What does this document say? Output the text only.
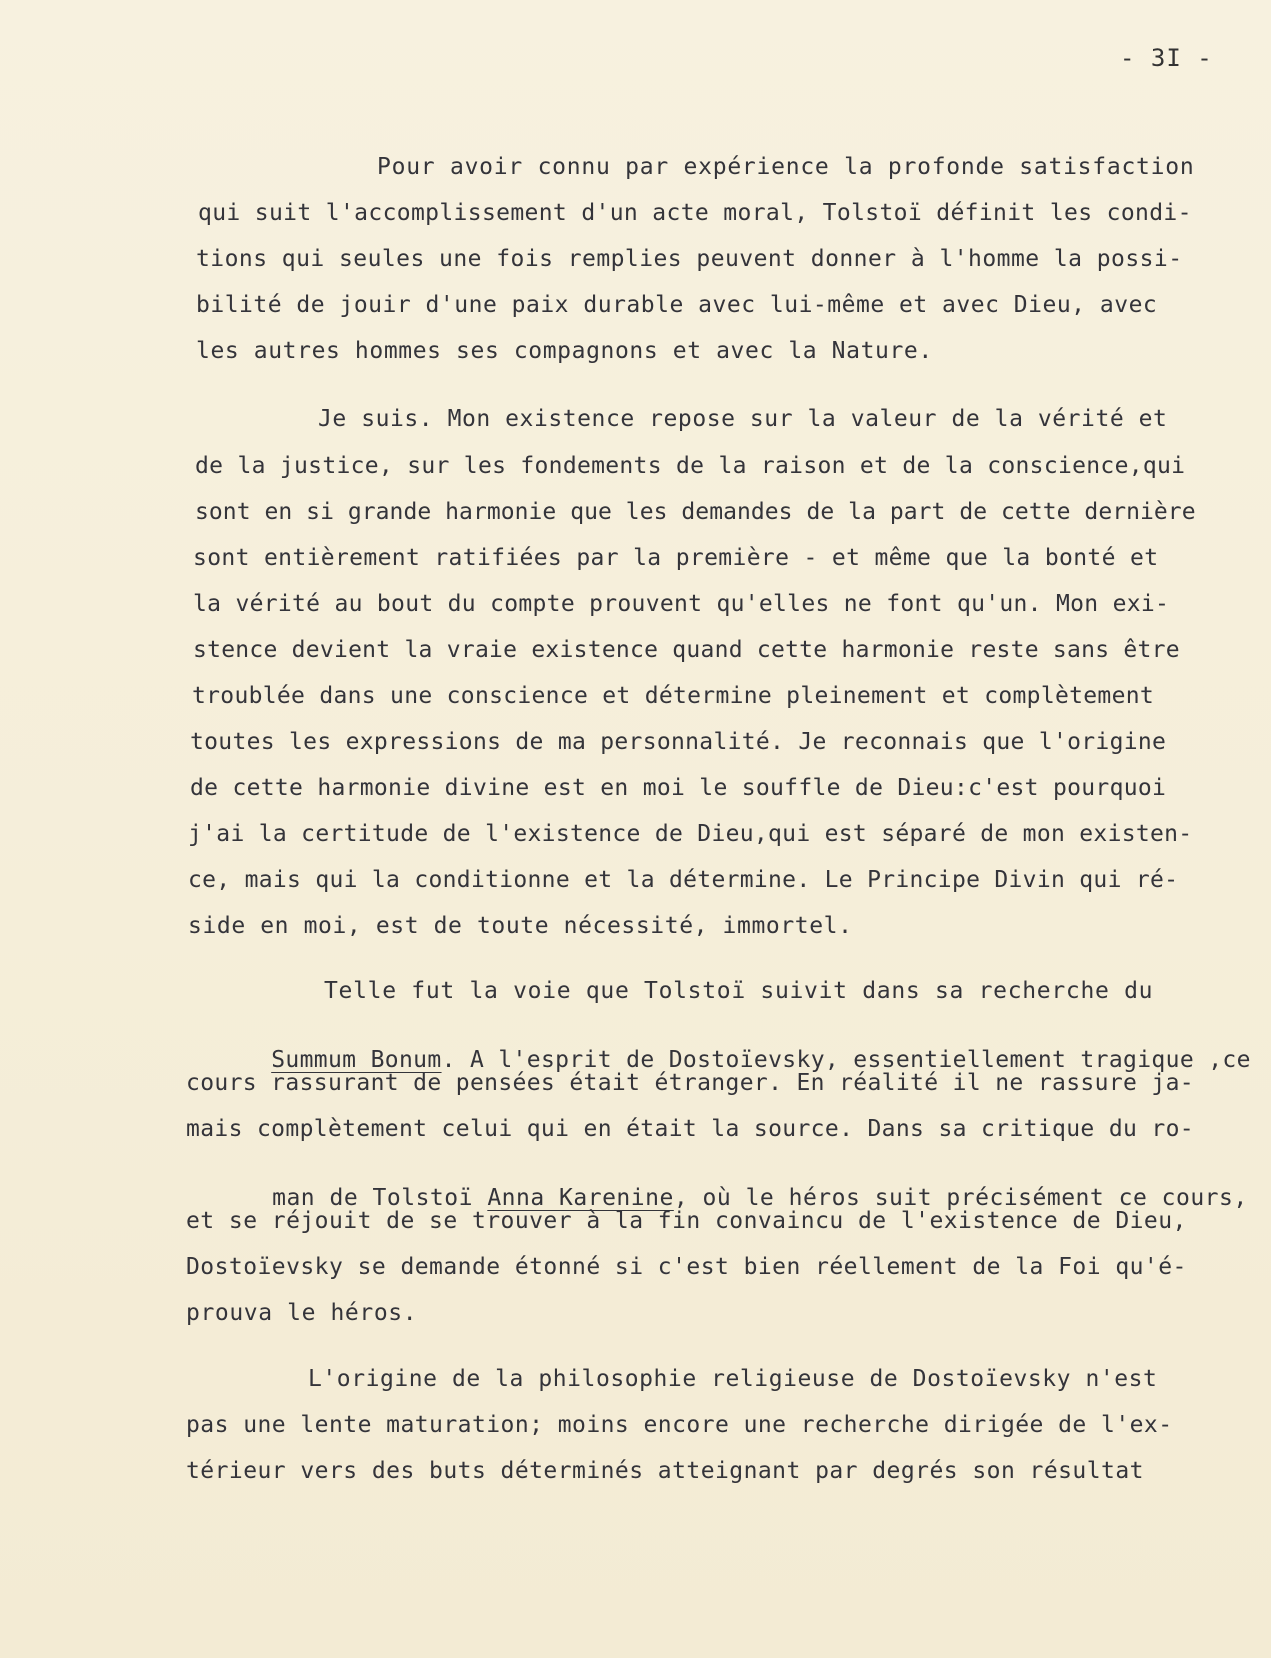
- 3I -
Pour avoir connu par expérience la profonde satisfaction
qui suit l'accomplissement d'un acte moral, Tolstoï définit les condi-
tions qui seules une fois remplies peuvent donner à l'homme la possi-
bilité de jouir d'une paix durable avec lui-même et avec Dieu, avec
les autres hommes ses compagnons et avec la Nature.
Je suis. Mon existence repose sur la valeur de la vérité et
de la justice, sur les fondements de la raison et de la conscience,qui
sont en si grande harmonie que les demandes de la part de cette dernière
sont entièrement ratifiées par la première - et même que la bonté et
la vérité au bout du compte prouvent qu'elles ne font qu'un. Mon exi-
stence devient la vraie existence quand cette harmonie reste sans être
troublée dans une conscience et détermine pleinement et complètement
toutes les expressions de ma personnalité. Je reconnais que l'origine
de cette harmonie divine est en moi le souffle de Dieu:c'est pourquoi
j'ai la certitude de l'existence de Dieu,qui est séparé de mon existen-
ce, mais qui la conditionne et la détermine. Le Principe Divin qui ré-
side en moi, est de toute nécessité, immortel.
Telle fut la voie que Tolstoï suivit dans sa recherche du

Summum Bonum. A l'esprit de Dostoïevsky, essentiellement tragique ,ce

cours rassurant de pensées était étranger. En réalité il ne rassure ja-
mais complètement celui qui en était la source. Dans sa critique du ro-

man de Tolstoï Anna Karenine, où le héros suit précisément ce cours,

et se réjouit de se trouver à la fin convaincu de l'existence de Dieu,
Dostoïevsky se demande étonné si c'est bien réellement de la Foi qu'é-
prouva le héros.
L'origine de la philosophie religieuse de Dostoïevsky n'est
pas une lente maturation; moins encore une recherche dirigée de l'ex-
térieur vers des buts déterminés atteignant par degrés son résultat
